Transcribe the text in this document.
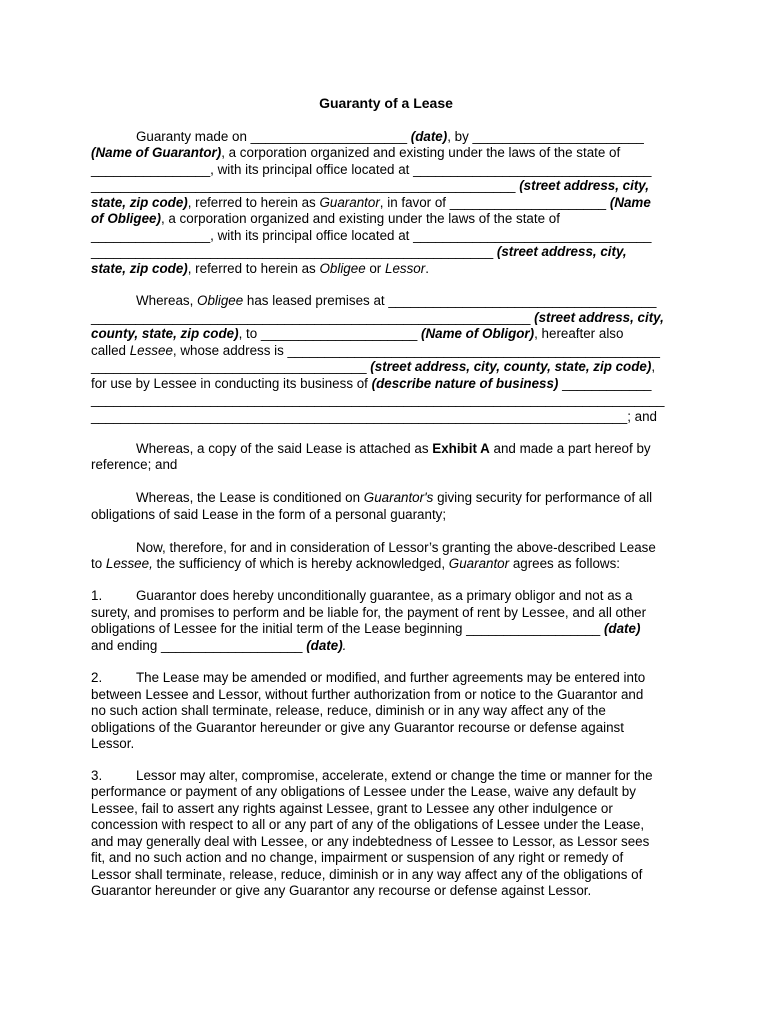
Guaranty of a Lease
Guaranty made on _____________________ (date), by _______________________
(Name of Guarantor), a corporation organized and existing under the laws of the state of
________________, with its principal office located at ________________________________
_________________________________________________________ (street address, city,
state, zip code), referred to herein as Guarantor, in favor of _____________________ (Name
of Obligee), a corporation organized and existing under the laws of the state of
________________, with its principal office located at ________________________________
______________________________________________________ (street address, city,
state, zip code), referred to herein as Obligee or Lessor.
Whereas, Obligee has leased premises at ____________________________________
___________________________________________________________ (street address, city,
county, state, zip code), to _____________________ (Name of Obligor), hereafter also
called Lessee, whose address is __________________________________________________
_____________________________________ (street address, city, county, state, zip code),
for use by Lessee in conducting its business of (describe nature of business) ____________
_____________________________________________________________________________
________________________________________________________________________; and
Whereas, a copy of the said Lease is attached as Exhibit A and made a part hereof by
reference; and
Whereas, the Lease is conditioned on Guarantor's giving security for performance of all
obligations of said Lease in the form of a personal guaranty;
Now, therefore, for and in consideration of Lessor’s granting the above-described Lease
to Lessee, the sufficiency of which is hereby acknowledged, Guarantor agrees as follows:
1.	Guarantor does hereby unconditionally guarantee, as a primary obligor and not as a
surety, and promises to perform and be liable for, the payment of rent by Lessee, and all other
obligations of Lessee for the initial term of the Lease beginning __________________ (date)
and ending ___________________ (date).
2.	The Lease may be amended or modified, and further agreements may be entered into
between Lessee and Lessor, without further authorization from or notice to the Guarantor and
no such action shall terminate, release, reduce, diminish or in any way affect any of the
obligations of the Guarantor hereunder or give any Guarantor recourse or defense against
Lessor.
3.	Lessor may alter, compromise, accelerate, extend or change the time or manner for the
performance or payment of any obligations of Lessee under the Lease, waive any default by
Lessee, fail to assert any rights against Lessee, grant to Lessee any other indulgence or
concession with respect to all or any part of any of the obligations of Lessee under the Lease,
and may generally deal with Lessee, or any indebtedness of Lessee to Lessor, as Lessor sees
fit, and no such action and no change, impairment or suspension of any right or remedy of
Lessor shall terminate, release, reduce, diminish or in any way affect any of the obligations of
Guarantor hereunder or give any Guarantor any recourse or defense against Lessor.
